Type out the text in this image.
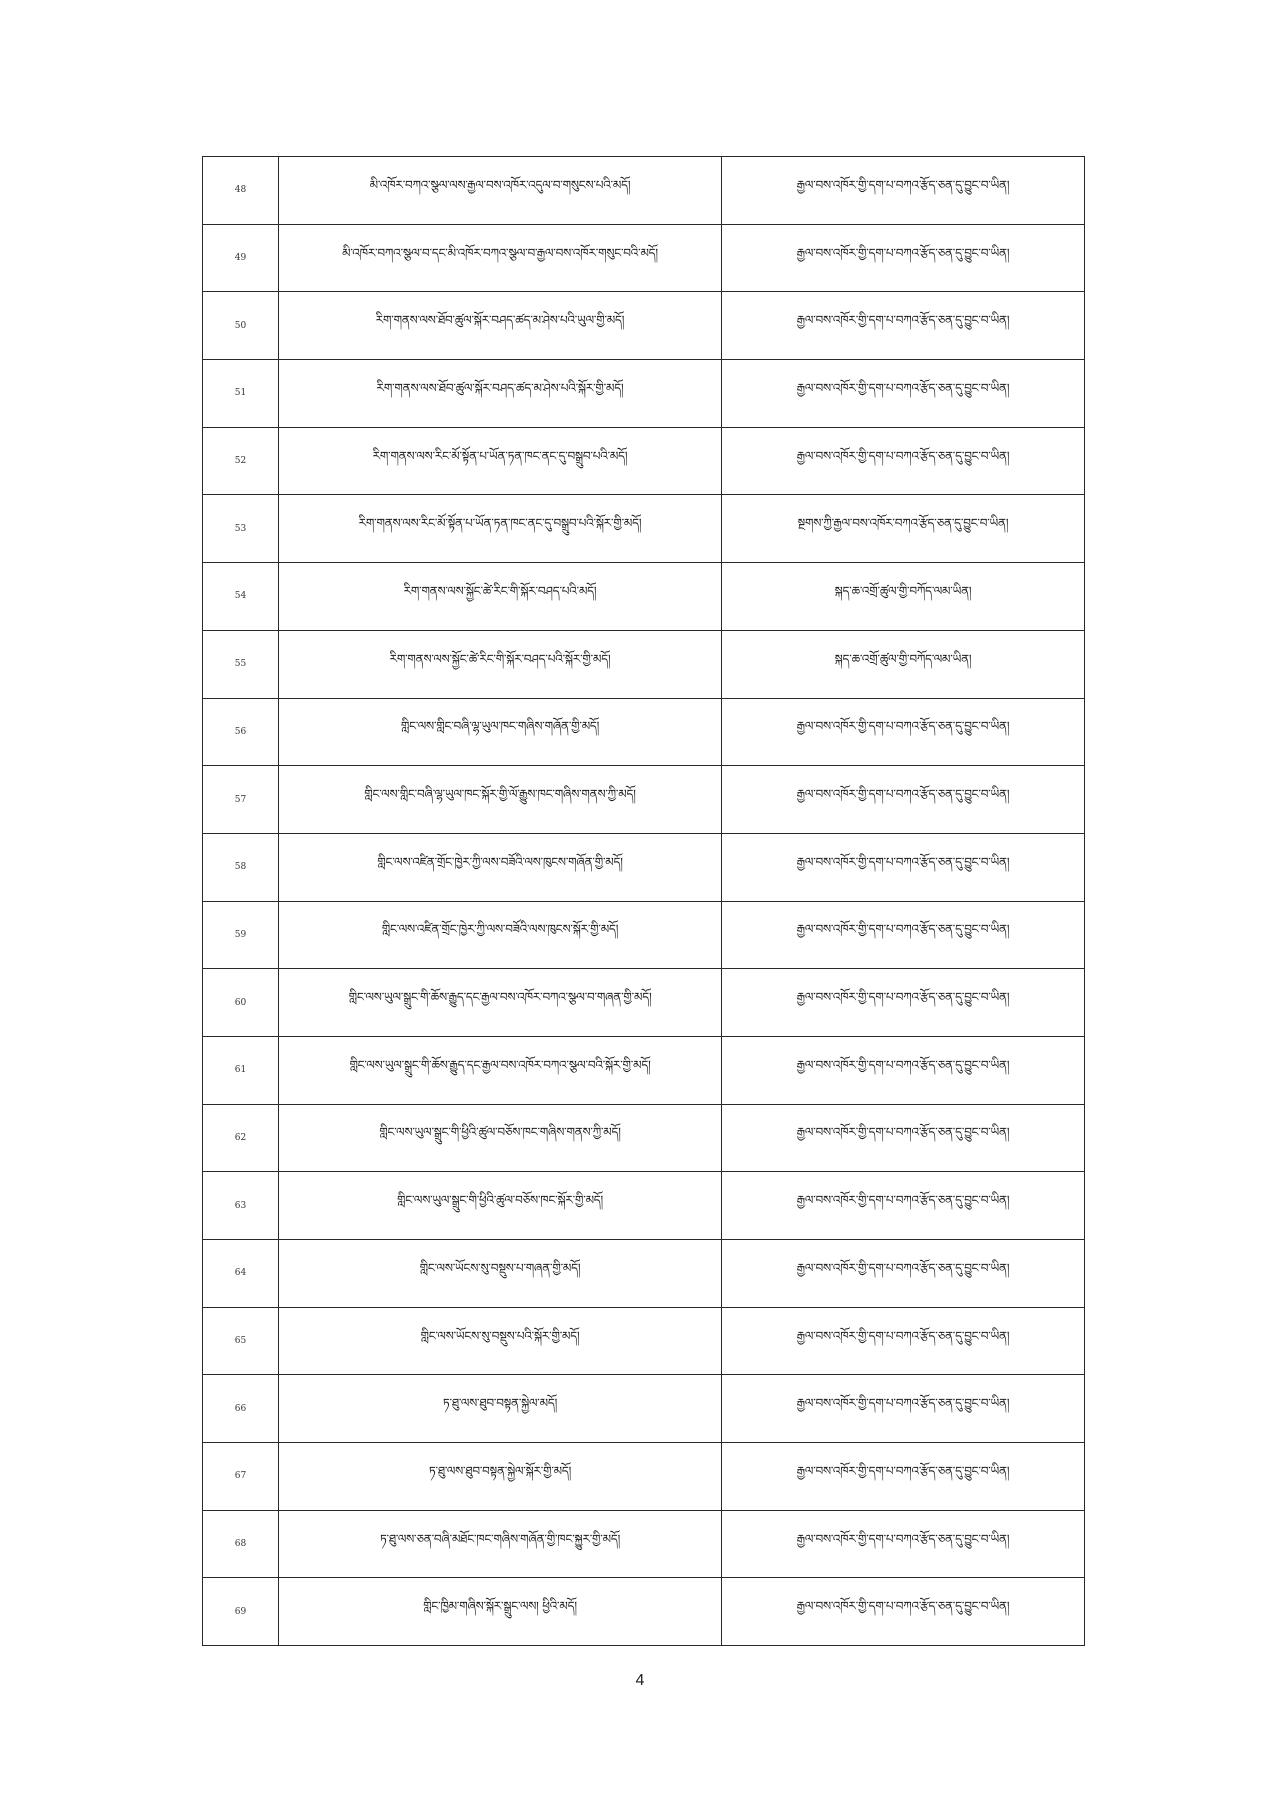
48	མི་འཁོར་བཀའ་སྩལ་ལས་རྒྱལ་བས་འཁོར་འདུལ་བ་གསུངས་པའི་མདོ།	རྒྱལ་བས་འཁོར་གྱི་དག་པ་བཀའ་རྩོད་ཅན་དུ་བྱུང་བ་ཡིན།
49	མི་འཁོར་བཀའ་སྩལ་བ་དང་མི་འཁོར་བཀའ་སྩལ་བ་རྒྱལ་བས་འཁོར་གསུང་བའི་མདོ།	རྒྱལ་བས་འཁོར་གྱི་དག་པ་བཀའ་རྩོད་ཅན་དུ་བྱུང་བ་ཡིན།
50	རིག་གནས་ལས་ཐོབ་ཚུལ་སྐོར་བཤད་ཚད་མ་ཤེས་པའི་ཡུལ་གྱི་མདོ།	རྒྱལ་བས་འཁོར་གྱི་དག་པ་བཀའ་རྩོད་ཅན་དུ་བྱུང་བ་ཡིན།
51	རིག་གནས་ལས་ཐོབ་ཚུལ་སྐོར་བཤད་ཚད་མ་ཤེས་པའི་སྐོར་གྱི་མདོ།	རྒྱལ་བས་འཁོར་གྱི་དག་པ་བཀའ་རྩོད་ཅན་དུ་བྱུང་བ་ཡིན།
52	རིག་གནས་ལས་རིང་མོ་སྟོན་པ་ཡོན་ཏན་ཁང་ནང་དུ་བསྒྲུབ་པའི་མདོ།	རྒྱལ་བས་འཁོར་གྱི་དག་པ་བཀའ་རྩོད་ཅན་དུ་བྱུང་བ་ཡིན།
53	རིག་གནས་ལས་རིང་མོ་སྟོན་པ་ཡོན་ཏན་ཁང་ནང་དུ་བསྒྲུབ་པའི་སྐོར་གྱི་མདོ།	སྔགས་ཀྱི་རྒྱལ་བས་འཁོར་བཀའ་རྩོད་ཅན་དུ་བྱུང་བ་ཡིན།
54	རིག་གནས་ལས་སྐྱོང་ཚེ་རིང་གི་སྐོར་བཤད་པའི་མདོ།	སྐད་ཆ་འགྲོ་ཚུལ་གྱི་བཀོད་ལམ་ཡིན།
55	རིག་གནས་ལས་སྐྱོང་ཚེ་རིང་གི་སྐོར་བཤད་པའི་སྐོར་གྱི་མདོ།	སྐད་ཆ་འགྲོ་ཚུལ་གྱི་བཀོད་ལམ་ཡིན།
56	གླིང་ལས་གླིང་བཞི་ལྷ་ཡུལ་ཁང་གཞིས་གཞོན་གྱི་མདོ།	རྒྱལ་བས་འཁོར་གྱི་དག་པ་བཀའ་རྩོད་ཅན་དུ་བྱུང་བ་ཡིན།
57	གླིང་ལས་གླིང་བཞི་ལྷ་ཡུལ་ཁང་སྐོར་གྱི་ལོ་རྒྱུས་ཁང་གཞིས་གནས་ཀྱི་མདོ།	རྒྱལ་བས་འཁོར་གྱི་དག་པ་བཀའ་རྩོད་ཅན་དུ་བྱུང་བ་ཡིན།
58	གླིང་ལས་འཛིན་གྲོང་ཁྱེར་ཀྱི་ལས་བཟོའི་ལས་ཁུངས་གཞོན་གྱི་མདོ།	རྒྱལ་བས་འཁོར་གྱི་དག་པ་བཀའ་རྩོད་ཅན་དུ་བྱུང་བ་ཡིན།
59	གླིང་ལས་འཛིན་གྲོང་ཁྱེར་ཀྱི་ལས་བཟོའི་ལས་ཁུངས་སྐོར་གྱི་མདོ།	རྒྱལ་བས་འཁོར་གྱི་དག་པ་བཀའ་རྩོད་ཅན་དུ་བྱུང་བ་ཡིན།
60	གླིང་ལས་ཡུལ་སྒྲུང་གི་ཆོས་རྒྱུད་དང་རྒྱལ་བས་འཁོར་བཀའ་སྩལ་བ་གཞན་གྱི་མདོ།	རྒྱལ་བས་འཁོར་གྱི་དག་པ་བཀའ་རྩོད་ཅན་དུ་བྱུང་བ་ཡིན།
61	གླིང་ལས་ཡུལ་སྒྲུང་གི་ཆོས་རྒྱུད་དང་རྒྱལ་བས་འཁོར་བཀའ་སྩལ་བའི་སྐོར་གྱི་མདོ།	རྒྱལ་བས་འཁོར་གྱི་དག་པ་བཀའ་རྩོད་ཅན་དུ་བྱུང་བ་ཡིན།
62	གླིང་ལས་ཡུལ་སྒྲུང་གི་ཕྱིའི་ཚུལ་བཅོས་ཁང་གཞིས་གནས་ཀྱི་མདོ།	རྒྱལ་བས་འཁོར་གྱི་དག་པ་བཀའ་རྩོད་ཅན་དུ་བྱུང་བ་ཡིན།
63	གླིང་ལས་ཡུལ་སྒྲུང་གི་ཕྱིའི་ཚུལ་བཅོས་ཁང་སྐོར་གྱི་མདོ།	རྒྱལ་བས་འཁོར་གྱི་དག་པ་བཀའ་རྩོད་ཅན་དུ་བྱུང་བ་ཡིན།
64	གླིང་ལས་ཡོངས་སུ་བསྡུས་པ་གཞན་གྱི་མདོ།	རྒྱལ་བས་འཁོར་གྱི་དག་པ་བཀའ་རྩོད་ཅན་དུ་བྱུང་བ་ཡིན།
65	གླིང་ལས་ཡོངས་སུ་བསྡུས་པའི་སྐོར་གྱི་མདོ།	རྒྱལ་བས་འཁོར་གྱི་དག་པ་བཀའ་རྩོད་ཅན་དུ་བྱུང་བ་ཡིན།
66	ཏ་ཐུ་ལས་ཐུབ་བསྟན་སྐྱེལ་མདོ།	རྒྱལ་བས་འཁོར་གྱི་དག་པ་བཀའ་རྩོད་ཅན་དུ་བྱུང་བ་ཡིན།
67	ཏ་ཐུ་ལས་ཐུབ་བསྟན་སྐྱེལ་སྐོར་གྱི་མདོ།	རྒྱལ་བས་འཁོར་གྱི་དག་པ་བཀའ་རྩོད་ཅན་དུ་བྱུང་བ་ཡིན།
68	ཏ་ཐུ་ལས་ཅན་བཞི་མཐོང་ཁང་གཞིས་གཞོན་གྱི་ཁང་སྐྱུར་གྱི་མདོ།	རྒྱལ་བས་འཁོར་གྱི་དག་པ་བཀའ་རྩོད་ཅན་དུ་བྱུང་བ་ཡིན།
69	གླིང་ཁྱིམ་གཞིས་སྐོར་སྒྲུང་ལས། ཕྱིའི་མདོ།	རྒྱལ་བས་འཁོར་གྱི་དག་པ་བཀའ་རྩོད་ཅན་དུ་བྱུང་བ་ཡིན།
4
